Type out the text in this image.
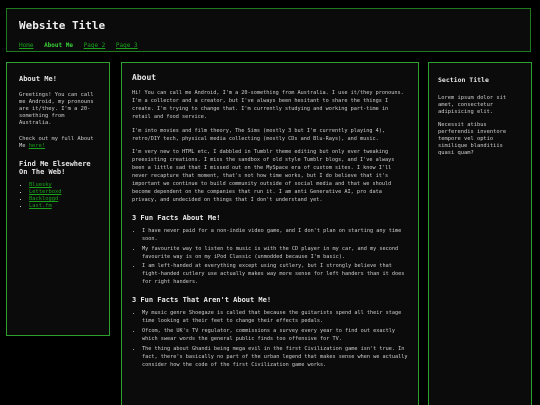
Website Title
Home About Me Page 2 Page 3
About Me!

Greetings! You can call me Android, my pronouns are it/they. I'm a 20-something from Australia.

Check out my full About Me here!

Find Me Elsewhere On The Web!
▪ Bluesky
▪ Letterboxd
▪ Backloggd
▪ Last.fm
About

Hi! You can call me Android, I'm a 20-something from Australia. I use it/they pronouns. I'm a collector and a creator, but I've always been hesitant to share the things I create. I'm trying to change that. I'm currently studying and working part-time in retail and food service.

I'm into movies and film theory, The Sims (mostly 3 but I'm currently playing 4), retro/DIY tech, physical media collecting (mostly CDs and Blu-Rays), and music.

I'm very new to HTML etc, I dabbled in Tumblr theme editing but only ever tweaking preexisting creations. I miss the sandbox of old style Tumblr blogs, and I've always been a little sad that I missed out on the MySpace era of custom sites. I know I'll never recapture that moment, that's not how time works, but I do believe that it's important we continue to build community outside of social media and that we should become dependent on the companies that run it. I am anti Generative AI, pro data privacy, and undecided on things that I don't understand yet.

3 Fun Facts About Me!
• I have never paid for a non-indie video game, and I don't plan on starting any time soon.
• My favourite way to listen to music is with the CD player in my car, and my second favourite way is on my iPod Classic (unmodded because I'm basic).
• I am left-handed at everything except using cutlery, but I strongly believe that fight-handed cutlery use actually makes way more sense for left handers than it does for right handers.
3 Fun Facts That Aren't About Me!
• My music genre Shoegaze is called that because the guitarists spend all their stage time looking at their feet to change their effects pedals.
• Ofcom, the UK's TV regulator, commissions a survey every year to find out exactly which swear words the general public finds too offensive for TV.
• The thing about Ghandi being mega evil in the first Civilization game isn't true. In fact, there's basically no part of the urban legend that makes sense when we actually consider how the code of the first Civilization game works.
Section Title

Lorem ipsum dolor sit amet, consectetur adipisicing elit.

Necessit atibus perferendis inventore tempore vel optio similique blanditiis quasi quam?
